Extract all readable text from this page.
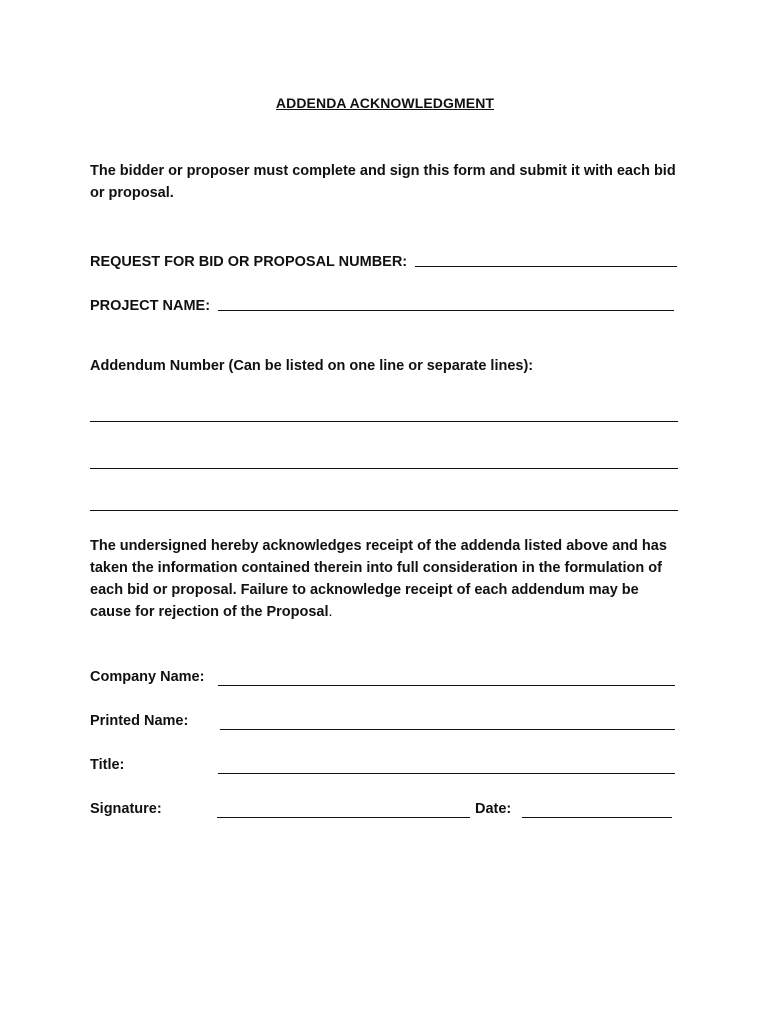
ADDENDA ACKNOWLEDGMENT
The bidder or proposer must complete and sign this form and submit it with each bid or proposal.
REQUEST FOR BID OR PROPOSAL NUMBER:
PROJECT NAME:
Addendum Number (Can be listed on one line or separate lines):
The undersigned hereby acknowledges receipt of the addenda listed above and has taken the information contained therein into full consideration in the formulation of each bid or proposal. Failure to acknowledge receipt of each addendum may be cause for rejection of the Proposal.
Company Name:
Printed Name:
Title:
Signature:	Date:
